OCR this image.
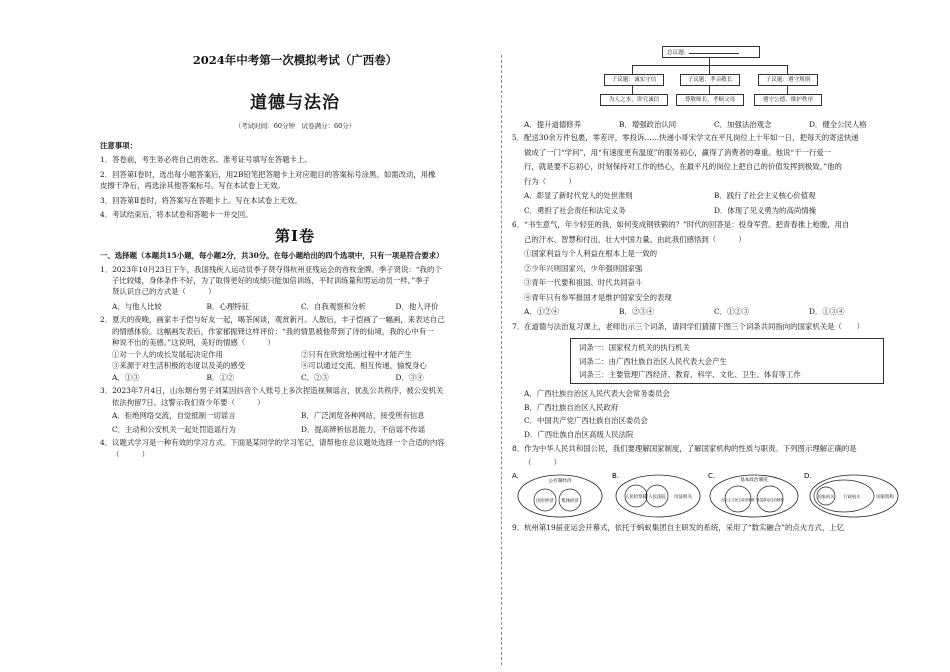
2024年中考第一次模拟考试（广西卷）
道德与法治
（考试时间：60分钟　试卷满分：60分）
注意事项：
1．答卷前，考生务必将自己的姓名、准考证号填写在答题卡上。
2．回答第Ⅰ卷时，选出每小题答案后，用2B铅笔把答题卡上对应题目的答案标号涂黑。如需改动，用橡
皮擦干净后，再选涂其他答案标号。写在本试卷上无效。
3．回答第Ⅱ卷时，将答案写在答题卡上。写在本试卷上无效。
4．考试结束后，将本试卷和答题卡一并交回。
第Ⅰ卷
一、选择题（本题共15小题，每小题2分，共30分。在每小题给出的四个选项中，只有一项是符合要求）
1．2023年10月23日下午，我国残疾人运动员季子贤夺得杭州亚残运会的首枚金牌。季子贤说：“我的个
子比较矮，身体条件不好，为了取得更好的成绩只能加倍训练，平时训练量和男运动员一样。”季子
贤认识自己的方式是（　　　）
A．与他人比较	B．心理特征	C．自我观察和分析	D．他人评价
2．夏天的夜晚，画家丰子恺与好友一起，喝茶闲谈，观赏新月。人散后，丰子恺画了一幅画，来表达自己
的情感体验。这幅画发表后，作家郁振铎这样评价：“我的情思被他带到了诗的仙境，我的心中有一
种说不出的美感。”这说明，美好的情感（　　　）
①对一个人的成长发展起决定作用	②只有在欣赏绘画过程中才能产生
③来源于对生活积极的态度以及美的感受	④可以通过交流、相互传递，愉悦身心
A．①③	B．①②	C．②③	D．③④
3．2023年7月4日，山东烟台男子刘某因抖音个人账号上多次捏造视频谣言，扰乱公共秩序，被公安机关
依法拘留7日。这警示我们青少年要（　　　）
A．拒绝网络交流，自觉抵制一切谣言	B．广泛浏览各种网站，接受所有信息
C．主动和公安机关一起处罚造谣行为	D．提高辨析信息能力，不信谣不传谣
4．议题式学习是一种有效的学习方式。下面是某同学的学习笔记，请帮他在总议题处选择一个合适的内容
（　　　）
总议题：
子议题：诚实守信	子议题：孝亲敬长	子议题：遵守规则
为人之本，讲究诚信	尊敬师长，孝顺父母	遵守公德，维护秩序
A．提升道德修养	B．增强政治认同	C．加强法治观念	D．健全公民人格
5．配送30余万件包裹，零差评，零投诉……快递小哥宋学文在平凡岗位上十年如一日，把每天的寄送快递
做成了一门“学问”，用“有速度更有温度”的服务初心，赢得了消费者的尊重。他说“干一行爱一
行，就是要不忘初心，时刻保持对工作的热心，在最平凡的岗位上把自己的价值发挥到极致。”他的
行为（　　　）
A．彰显了新时代党人的处世准则	B．践行了社会主义核心价值观
C．勇担了社会责任和法定义务	D．体现了见义勇为的高尚情操
6．“书生意气，年少轻狂的我，如何变成钢铁锻的？”时代的回答是：投身军营。把青春推上枪膛，用自
己的汗水、智慧和付出，壮大中国力量。由此我们感悟到（　　　）
①国家利益与个人利益在根本上是一致的
②少年兴则国家兴，少年强则国家强
③青年一代要和祖国、时代共同奋斗
④青年只有参军报国才是维护国家安全的表现
A．①②④	B．②③④	C．①②③	D．①③④
7．在道德与法治复习课上，老师出示三个词条，请同学们猜猜下图三个词条共同指向的国家机关是（　　）
词条一：国家权力机关的执行机关
词条二：由广西壮族自治区人民代表大会产生
词条三：主要管理广西经济、教育、科学、文化、卫生、体育等工作
A．广西壮族自治区人民代表大会常务委员会
B．广西壮族自治区人民政府
C．中国共产党广西壮族自治区委员会
D．广西壮族自治区高级人民法院
8．作为中华人民共和国公民，我们要理解国家制度，了解国家机构的性质与职责。下列图示理解正确的是
（　　　）
A.
公有制经济
国有经济 集体经济
B.
人民检察院 人民法院 司法机关
C.
基本政治制度
社会主义民主政治制度 基层群众自治制度
D.
国家机关 行政机关	国家机构
9．杭州第19届亚运会开幕式，依托于蚂蚁集团自主研发的系统，采用了“数实融合”的点火方式，上亿
